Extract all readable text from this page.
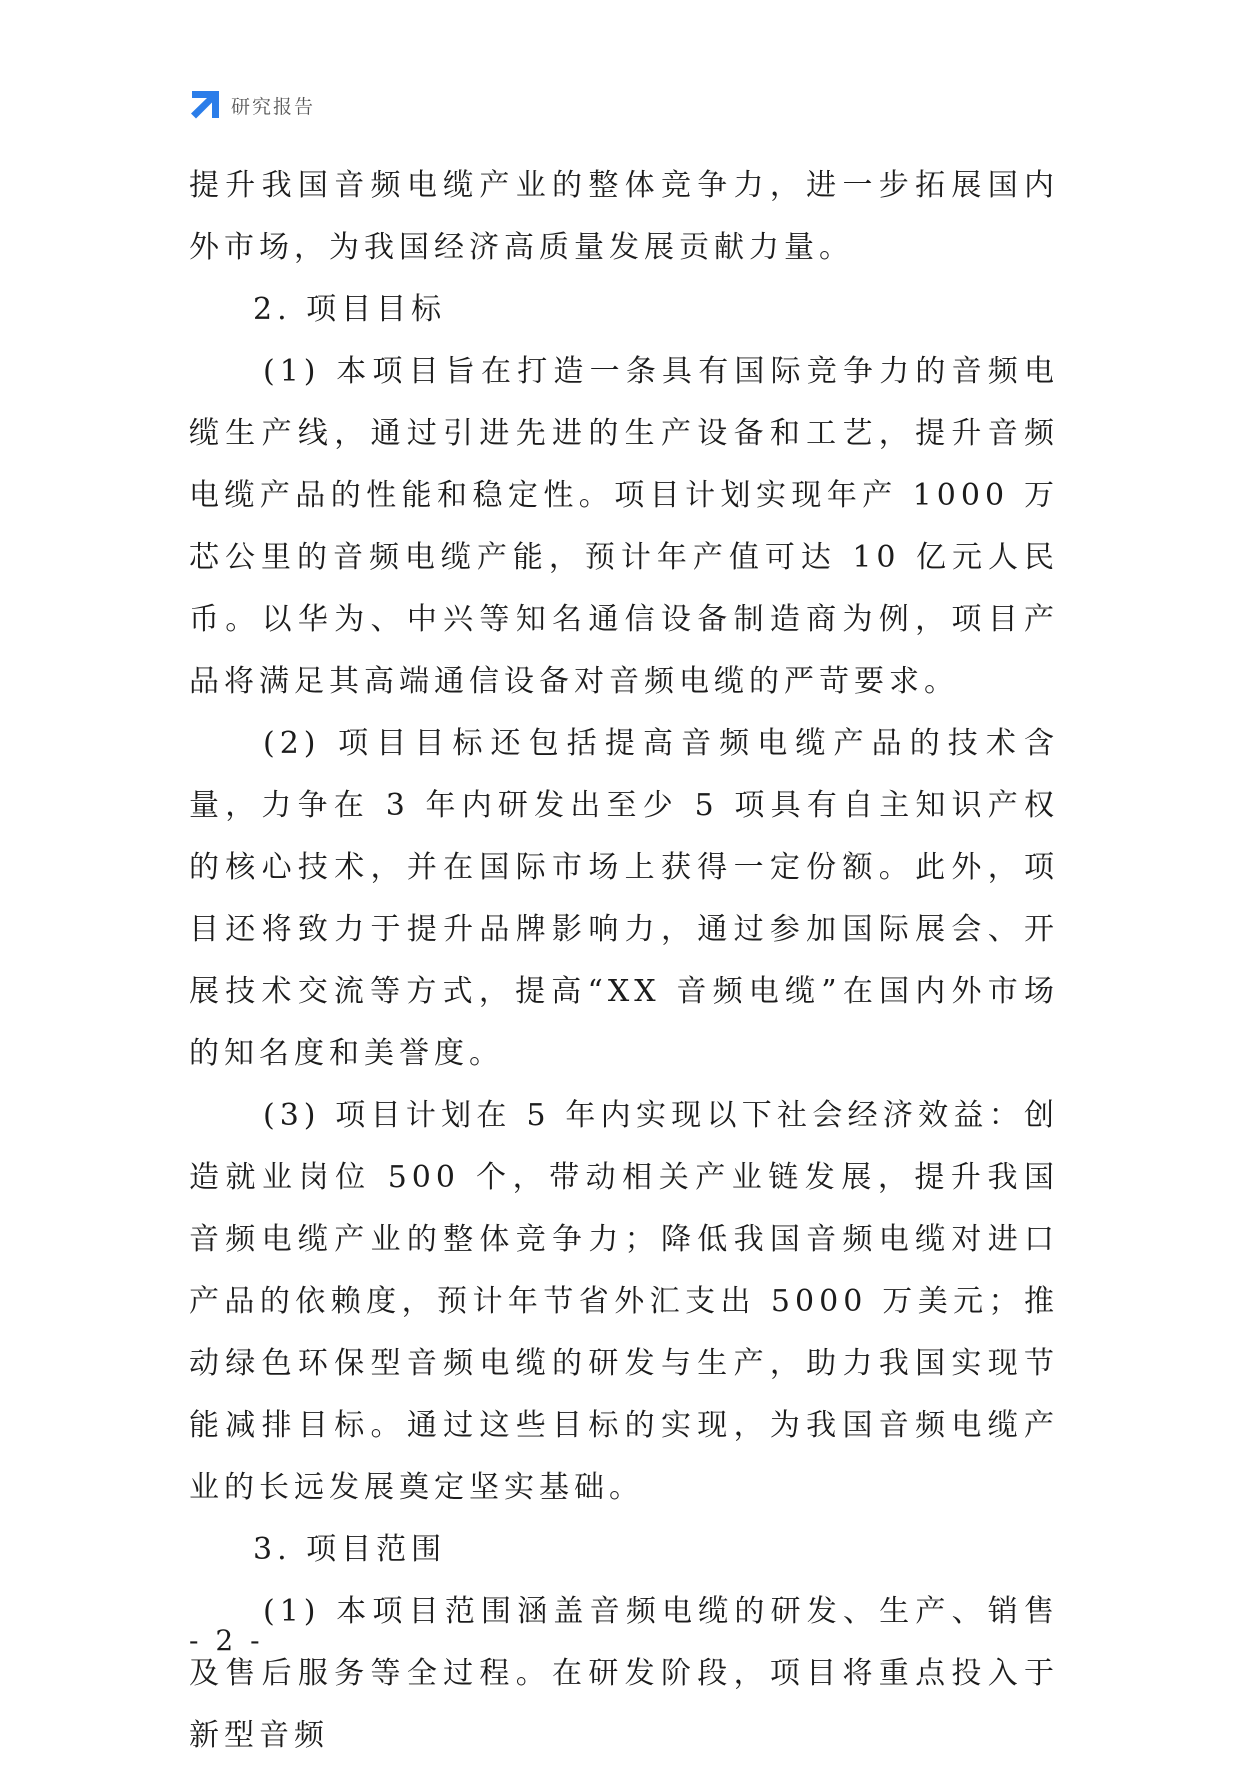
研究报告

提升我国音频电缆产业的整体竞争力，进一步拓展国内外市场，为我国经济高质量发展贡献力量。

2. 项目目标

(1) 本项目旨在打造一条具有国际竞争力的音频电缆生产线，通过引进先进的生产设备和工艺，提升音频电缆产品的性能和稳定性。项目计划实现年产 1000 万芯公里的音频电缆产能，预计年产值可达 10 亿元人民币。以华为、中兴等知名通信设备制造商为例，项目产品将满足其高端通信设备对音频电缆的严苛要求。

(2) 项目目标还包括提高音频电缆产品的技术含量，力争在 3 年内研发出至少 5 项具有自主知识产权的核心技术，并在国际市场上获得一定份额。此外，项目还将致力于提升品牌影响力，通过参加国际展会、开展技术交流等方式，提高“XX 音频电缆”在国内外市场的知名度和美誉度。

(3) 项目计划在 5 年内实现以下社会经济效益：创造就业岗位 500 个，带动相关产业链发展，提升我国音频电缆产业的整体竞争力；降低我国音频电缆对进口产品的依赖度，预计年节省外汇支出 5000 万美元；推动绿色环保型音频电缆的研发与生产，助力我国实现节能减排目标。通过这些目标的实现，为我国音频电缆产业的长远发展奠定坚实基础。

3. 项目范围

(1) 本项目范围涵盖音频电缆的研发、生产、销售及售后服务等全过程。在研发阶段，项目将重点投入于新型音频

- 2 -
